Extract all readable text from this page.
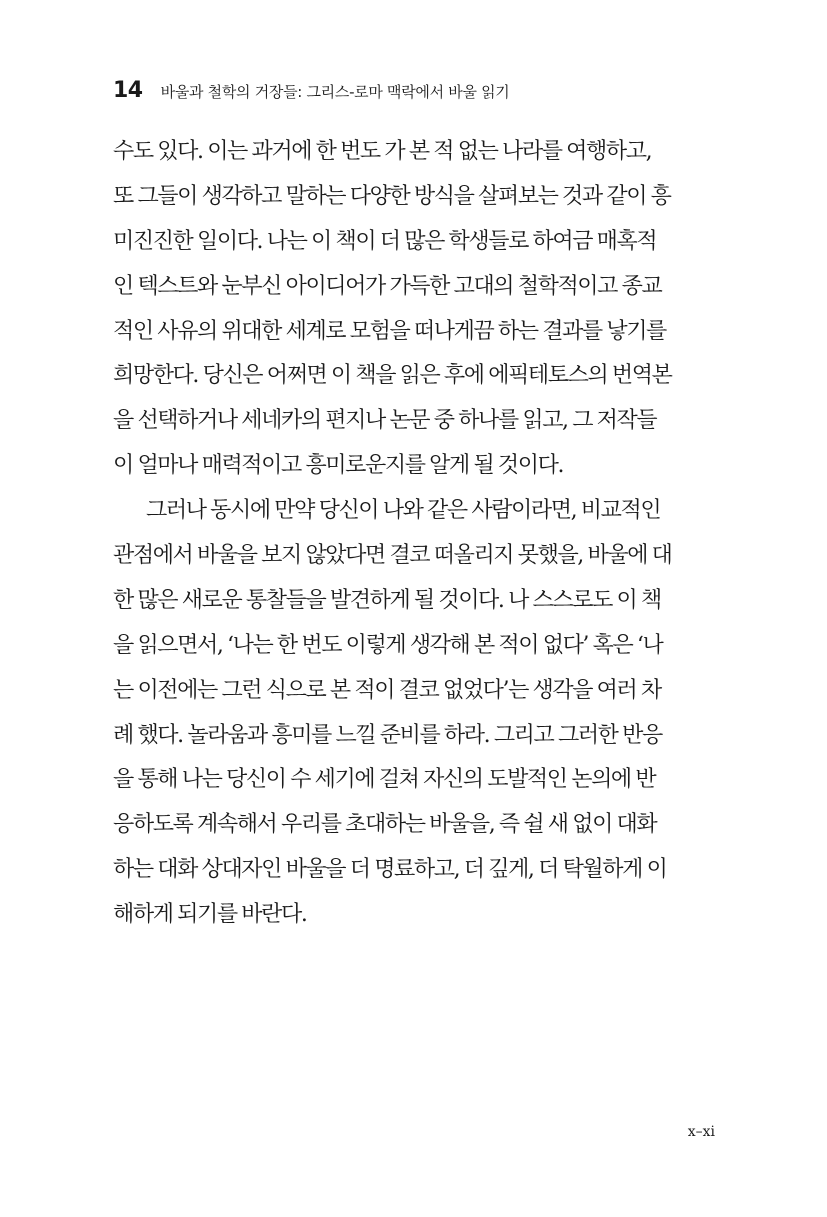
14 바울과 철학의 거장들: 그리스-로마 맥락에서 바울 읽기
수도 있다. 이는 과거에 한 번도 가 본 적 없는 나라를 여행하고,
또 그들이 생각하고 말하는 다양한 방식을 살펴보는 것과 같이 흥
미진진한 일이다. 나는 이 책이 더 많은 학생들로 하여금 매혹적
인 텍스트와 눈부신 아이디어가 가득한 고대의 철학적이고 종교
적인 사유의 위대한 세계로 모험을 떠나게끔 하는 결과를 낳기를
희망한다. 당신은 어쩌면 이 책을 읽은 후에 에픽테토스의 번역본
을 선택하거나 세네카의 편지나 논문 중 하나를 읽고, 그 저작들
이 얼마나 매력적이고 흥미로운지를 알게 될 것이다.
그러나 동시에 만약 당신이 나와 같은 사람이라면, 비교적인
관점에서 바울을 보지 않았다면 결코 떠올리지 못했을, 바울에 대
한 많은 새로운 통찰들을 발견하게 될 것이다. 나 스스로도 이 책
을 읽으면서, ‘나는 한 번도 이렇게 생각해 본 적이 없다’ 혹은 ‘나
는 이전에는 그런 식으로 본 적이 결코 없었다’는 생각을 여러 차
례 했다. 놀라움과 흥미를 느낄 준비를 하라. 그리고 그러한 반응
을 통해 나는 당신이 수 세기에 걸쳐 자신의 도발적인 논의에 반
응하도록 계속해서 우리를 초대하는 바울을, 즉 쉴 새 없이 대화
하는 대화 상대자인 바울을 더 명료하고, 더 깊게, 더 탁월하게 이
해하게 되기를 바란다.
x–xi
